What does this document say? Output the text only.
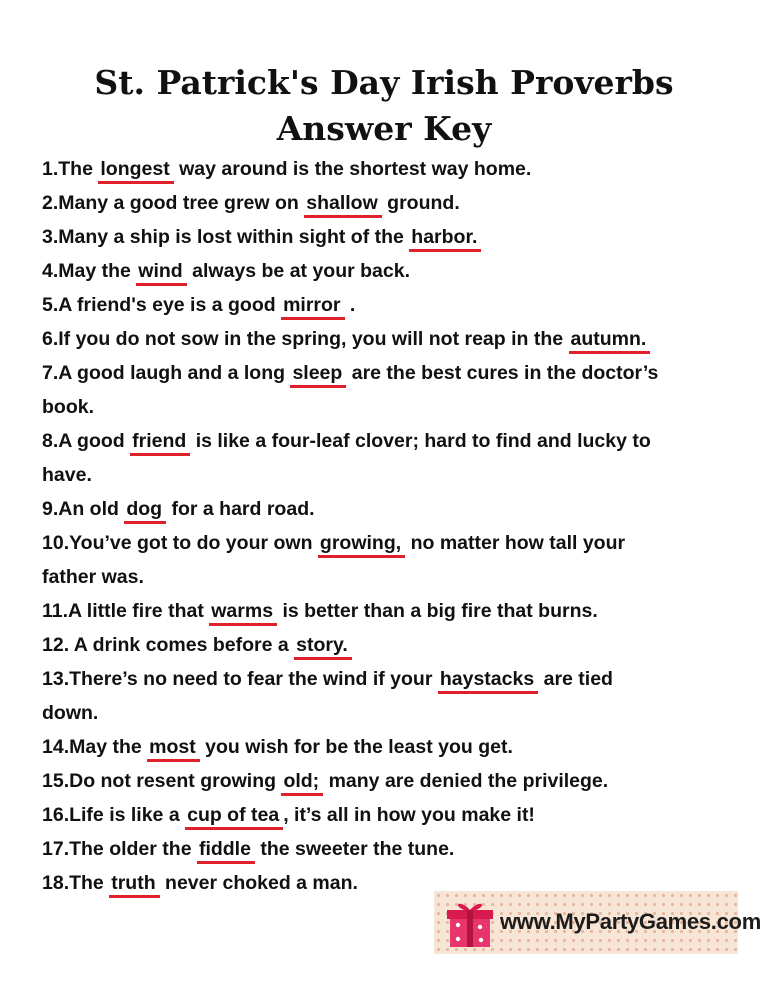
St. Patrick's Day Irish Proverbs
Answer Key
1.The longest way around is the shortest way home.
2.Many a good tree grew on shallow ground.
3.Many a ship is lost within sight of the harbor.
4.May the wind always be at your back.
5.A friend's eye is a good mirror .
6.If you do not sow in the spring, you will not reap in the autumn.
7.A good laugh and a long sleep are the best cures in the doctor’s
book.
8.A good friend is like a four-leaf clover; hard to find and lucky to
have.
9.An old dog for a hard road.
10.You’ve got to do your own growing, no matter how tall your
father was.
11.A little fire that warms is better than a big fire that burns.
12. A drink comes before a story.
13.There’s no need to fear the wind if your haystacks are tied
down.
14.May the most you wish for be the least you get.
15.Do not resent growing old; many are denied the privilege.
16.Life is like a cup of tea , it’s all in how you make it!
17.The older the fiddle the sweeter the tune.
18.The truth never choked a man.
www.MyPartyGames.com
